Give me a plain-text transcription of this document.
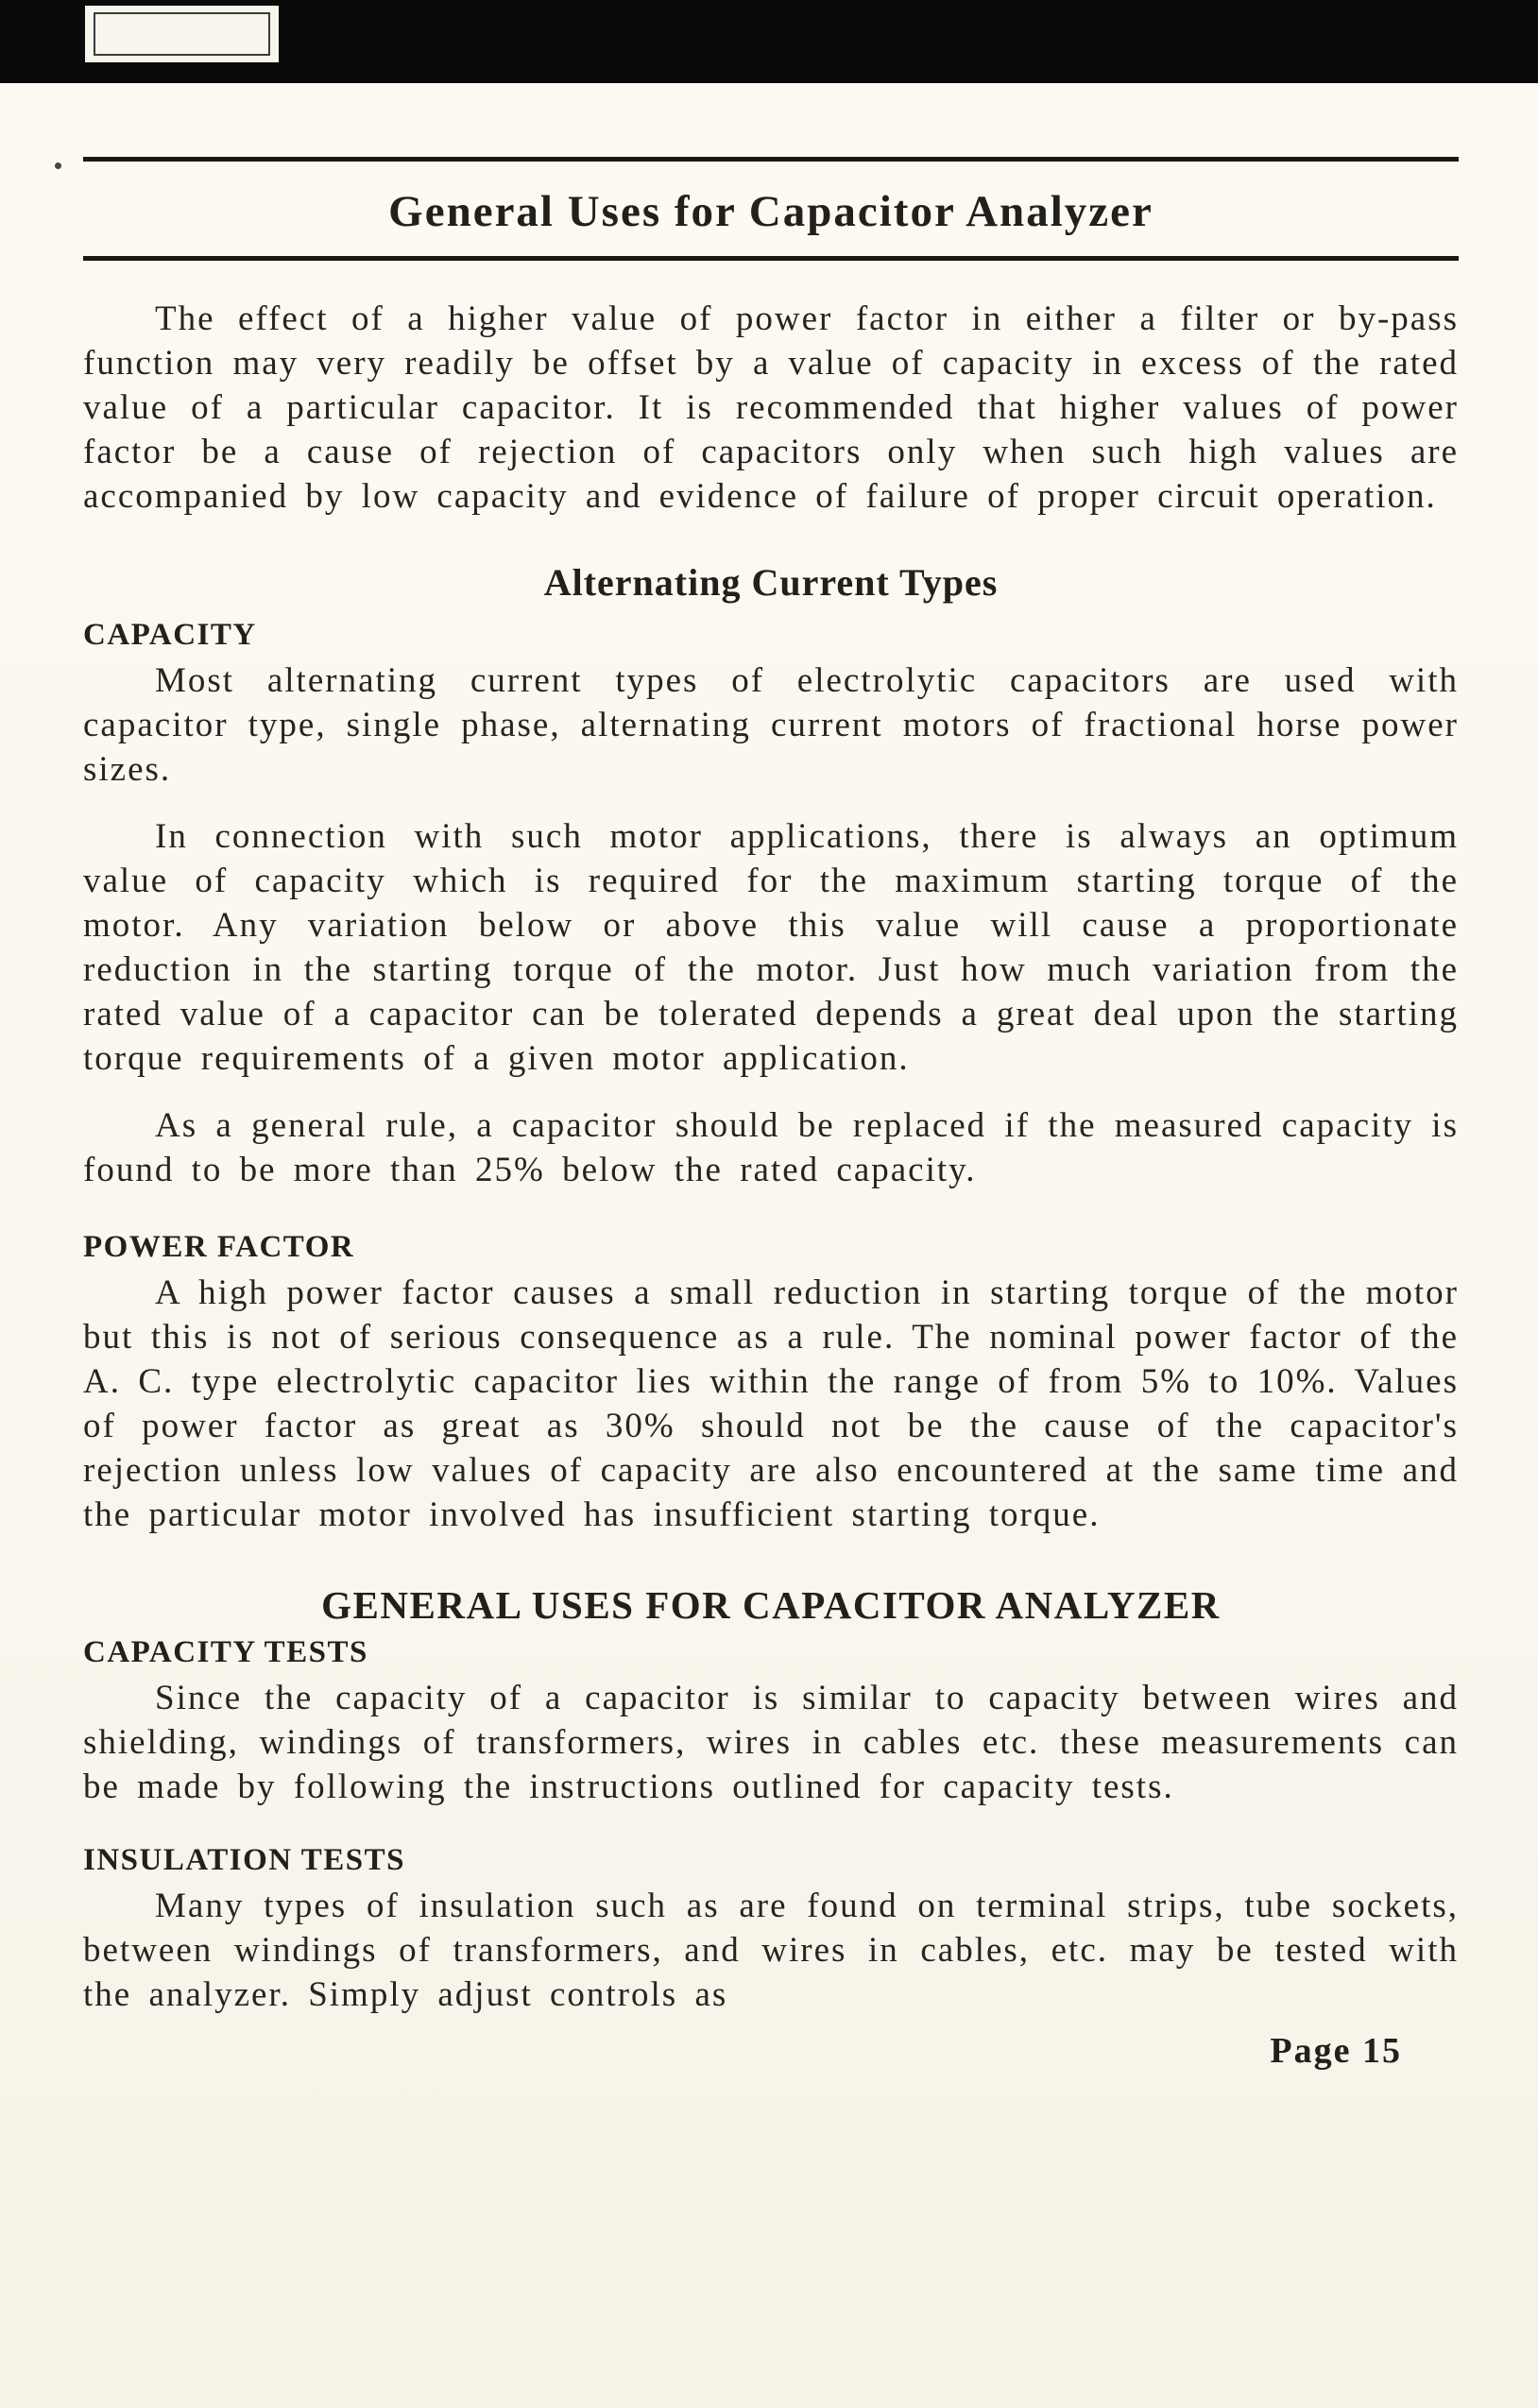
General Uses for Capacitor Analyzer

The effect of a higher value of power factor in either a filter or by-pass function may very readily be offset by a value of capacity in excess of the rated value of a particular capacitor. It is recommended that higher values of power factor be a cause of rejection of capacitors only when such high values are accompanied by low capacity and evidence of failure of proper circuit operation.

Alternating Current Types
CAPACITY

Most alternating current types of electrolytic capacitors are used with capacitor type, single phase, alternating current motors of fractional horse power sizes.

In connection with such motor applications, there is always an optimum value of capacity which is required for the maximum starting torque of the motor. Any variation below or above this value will cause a proportionate reduction in the starting torque of the motor. Just how much variation from the rated value of a capacitor can be tolerated depends a great deal upon the starting torque requirements of a given motor application.

As a general rule, a capacitor should be replaced if the measured capacity is found to be more than 25% below the rated capacity.

POWER FACTOR

A high power factor causes a small reduction in starting torque of the motor but this is not of serious consequence as a rule. The nominal power factor of the A. C. type electrolytic capacitor lies within the range of from 5% to 10%. Values of power factor as great as 30% should not be the cause of the capacitor's rejection unless low values of capacity are also encountered at the same time and the particular motor involved has insufficient starting torque.

GENERAL USES FOR CAPACITOR ANALYZER
CAPACITY TESTS

Since the capacity of a capacitor is similar to capacity between wires and shielding, windings of transformers, wires in cables etc. these measurements can be made by following the instructions outlined for capacity tests.

INSULATION TESTS

Many types of insulation such as are found on terminal strips, tube sockets, between windings of transformers, and wires in cables, etc. may be tested with the analyzer. Simply adjust controls as

Page 15
